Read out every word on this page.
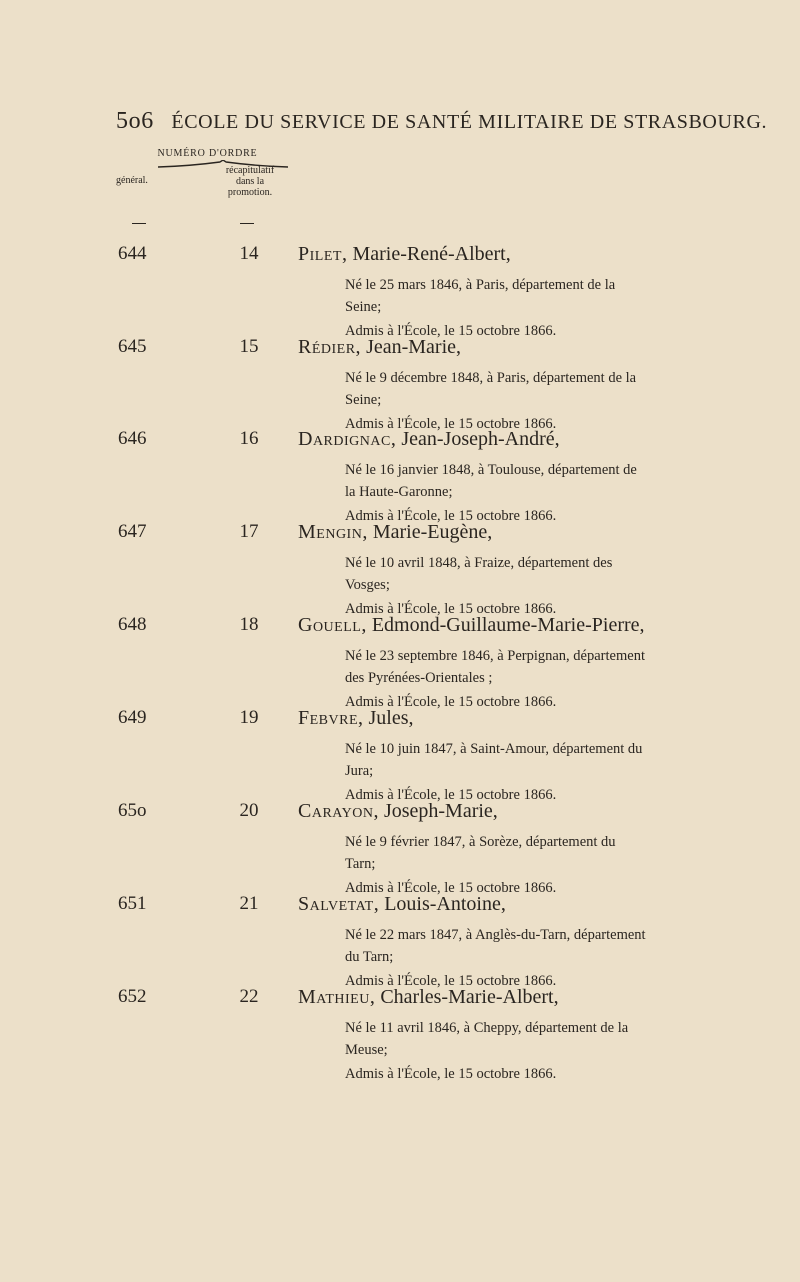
5o6 ÉCOLE DU SERVICE DE SANTÉ MILITAIRE DE STRASBOURG.
NUMÉRO D'ORDRE
général.
récapitulatif
dans la
promotion.
644	14	Pilet, Marie-René-Albert,
Né le 25 mars 1846, à Paris, département de la
Seine;
Admis à l'École, le 15 octobre 1866.
645	15	Rédier, Jean-Marie,
Né le 9 décembre 1848, à Paris, département de la
Seine;
Admis à l'École, le 15 octobre 1866.
646	16	Dardignac, Jean-Joseph-André,
Né le 16 janvier 1848, à Toulouse, département de
la Haute-Garonne;
Admis à l'École, le 15 octobre 1866.
647	17	Mengin, Marie-Eugène,
Né le 10 avril 1848, à Fraize, département des
Vosges;
Admis à l'École, le 15 octobre 1866.
648	18	Gouell, Edmond-Guillaume-Marie-Pierre,
Né le 23 septembre 1846, à Perpignan, département
des Pyrénées-Orientales ;
Admis à l'École, le 15 octobre 1866.
649	19	Febvre, Jules,
Né le 10 juin 1847, à Saint-Amour, département du
Jura;
Admis à l'École, le 15 octobre 1866.
65o	20	Carayon, Joseph-Marie,
Né le 9 février 1847, à Sorèze, département du
Tarn;
Admis à l'École, le 15 octobre 1866.
651	21	Salvetat, Louis-Antoine,
Né le 22 mars 1847, à Anglès-du-Tarn, département
du Tarn;
Admis à l'École, le 15 octobre 1866.
652	22	Mathieu, Charles-Marie-Albert,
Né le 11 avril 1846, à Cheppy, département de la
Meuse;
Admis à l'École, le 15 octobre 1866.
